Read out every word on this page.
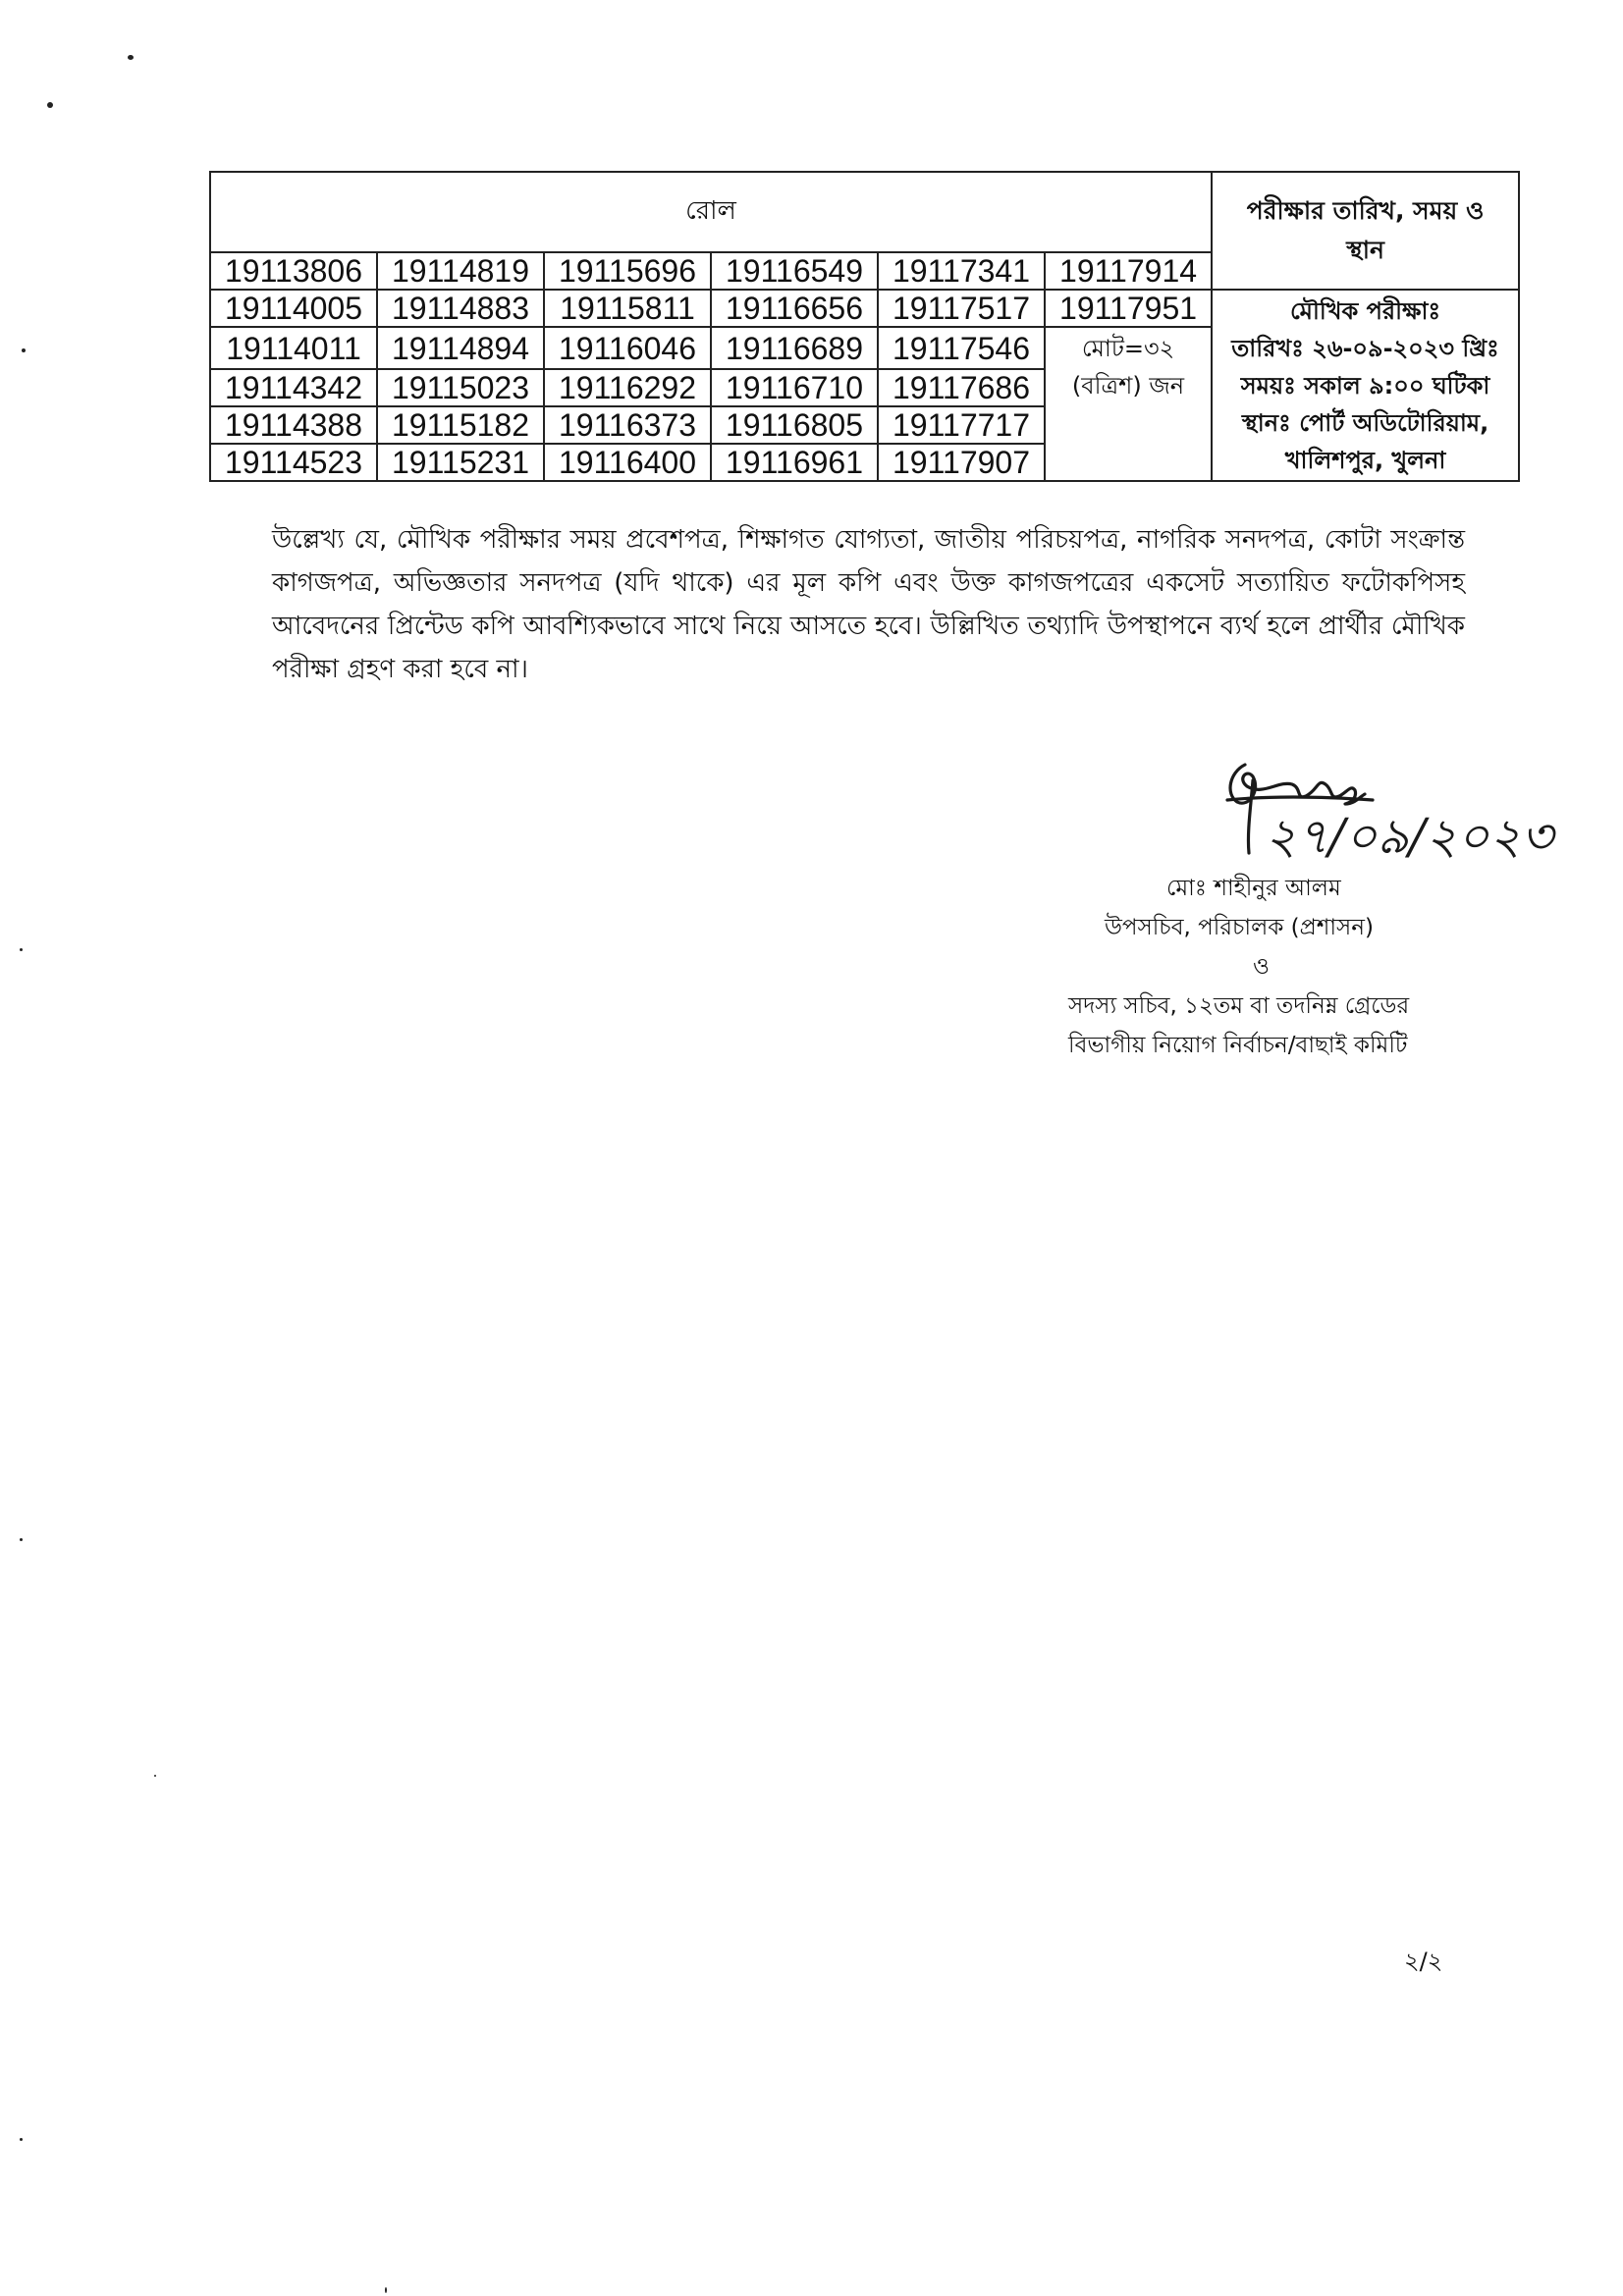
রোল						পরীক্ষার তারিখ, সময় ও
স্থান

19113806	19114819	19115696	19116549	19117341	19117914	
19114005	19114883	19115811	19116656	19117517	19117951	মৌখিক পরীক্ষাঃ
তারিখঃ ২৬-০৯-২০২৩ খ্রিঃ
সময়ঃ সকাল ৯:০০ ঘটিকা
স্থানঃ পোর্ট অডিটোরিয়াম,
খালিশপুর, খুলনা

19114011	19114894	19116046	19116689	19117546	মোট=৩২
(বত্রিশ) জন	

19114342	19115023	19116292	19116710	19117686		
19114388	19115182	19116373	19116805	19117717		
19114523	19115231	19116400	19116961	19117907		
উল্লেখ্য যে, মৌখিক পরীক্ষার সময় প্রবেশপত্র, শিক্ষাগত যোগ্যতা, জাতীয় পরিচয়পত্র, নাগরিক সনদপত্র, কোটা সংক্রান্ত কাগজপত্র, অভিজ্ঞতার সনদপত্র (যদি থাকে) এর মূল কপি এবং উক্ত কাগজপত্রের একসেট সত্যায়িত ফটোকপিসহ আবেদনের প্রিন্টেড কপি আবশ্যিকভাবে সাথে নিয়ে আসতে হবে। উল্লিখিত তথ্যাদি উপস্থাপনে ব্যর্থ হলে প্রার্থীর মৌখিক পরীক্ষা গ্রহণ করা হবে না।
২৭/০৯/২০২৩
মোঃ শাহীনুর আলম
উপসচিব, পরিচালক (প্রশাসন)
ও
সদস্য সচিব, ১২তম বা তদনিম্ন গ্রেডের
বিভাগীয় নিয়োগ নির্বাচন/বাছাই কমিটি
২/২
